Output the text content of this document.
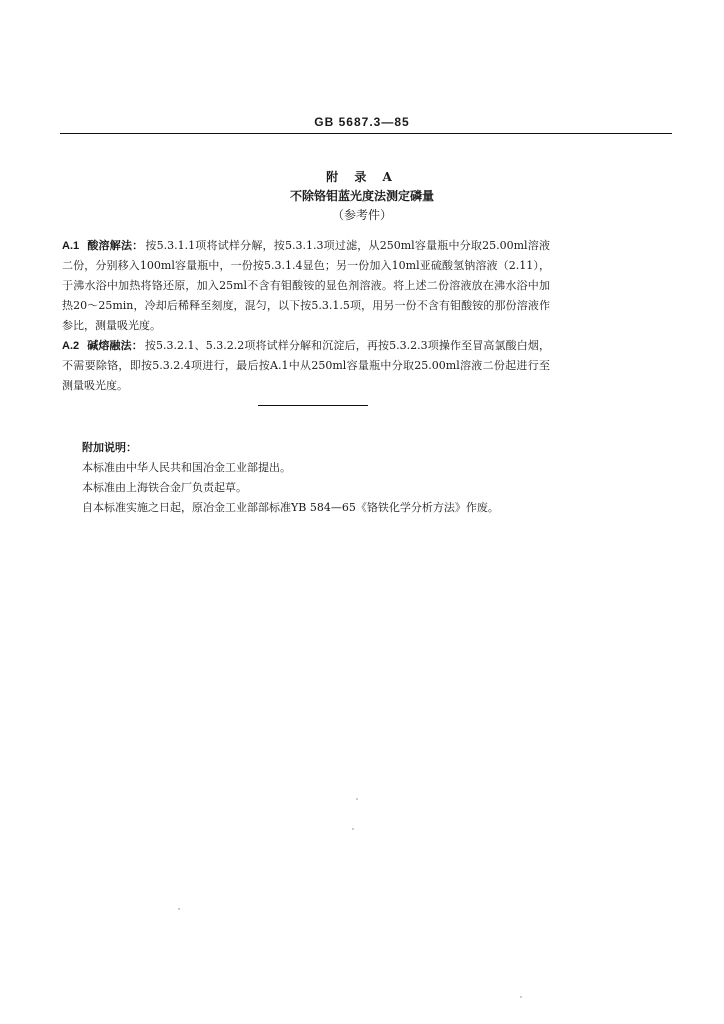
GB 5687.3—85
附 录 A
不除铬钼蓝光度法测定磷量
（参考件）

A.1 酸溶解法： 按5.3.1.1项将试样分解，按5.3.1.3项过滤，从250ml容量瓶中分取25.00ml溶液二份，分别移入100ml容量瓶中，一份按5.3.1.4显色；另一份加入10ml亚硫酸氢钠溶液（2.11），于沸水浴中加热将铬还原，加入25ml不含有钼酸铵的显色剂溶液。将上述二份溶液放在沸水浴中加热20～25min，冷却后稀释至刻度，混匀，以下按5.3.1.5项，用另一份不含有钼酸铵的那份溶液作参比，测量吸光度。

A.2 碱熔融法： 按5.3.2.1、5.3.2.2项将试样分解和沉淀后，再按5.3.2.3项操作至冒高氯酸白烟，不需要除铬，即按5.3.2.4项进行，最后按A.1中从250ml容量瓶中分取25.00ml溶液二份起进行至测量吸光度。

附加说明：
本标准由中华人民共和国冶金工业部提出。
本标准由上海铁合金厂负责起草。
自本标准实施之日起，原冶金工业部部标准YB 584—65《铬铁化学分析方法》作废。
